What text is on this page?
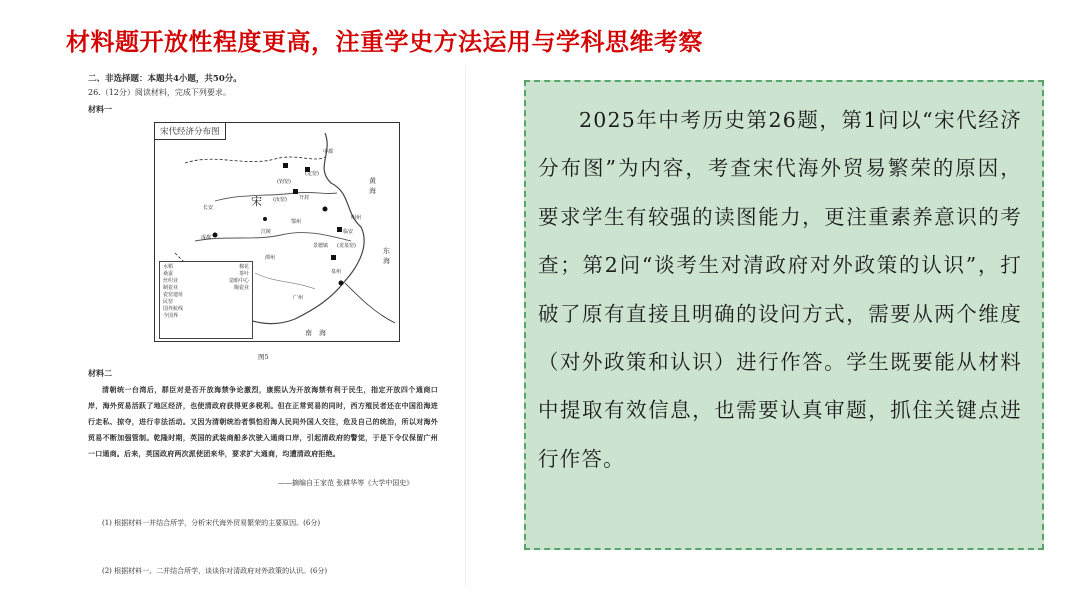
材料题开放性程度更高，注重学史方法运用与学科思维考察
二、非选择题：本题共4小题，共50分。
26.（12分）阅读材料，完成下列要求。
材料一
黄
海
东
海
南　海
宋
(定窑)
(钧窑)
(汝窑) 开封
长安
成都
鄂州
江陵	临安
景德镇
泉州
广州
明州
潭州
中都
(龙泉窑)
宋代经济分布图
水稻	棉花
桑蚕	茶叶
丝织业	造船中心
制瓷业	陶瓷业
瓷窑遗址
民窑
国外航线
今国界
图5
材料二
清朝统一台湾后，群臣对是否开放海禁争论激烈，康熙认为开放海禁有利于民生，指定开放四个通商口岸，海外贸易活跃了地区经济，也使清政府获得更多税利。但在正常贸易的同时，西方殖民者还在中国沿海进行走私、掠夺，进行非法活动。又因为清朝统治者惧怕沿海人民同外国人交往，危及自己的统治，所以对海外贸易不断加强管制。乾隆时期，英国的武装商船多次驶入通商口岸，引起清政府的警觉，于是下令仅保留广州一口通商。后来，英国政府两次派使团来华，要求扩大通商，均遭清政府拒绝。
——摘编自王家范 张耕华等《大学中国史》
(1) 根据材料一并结合所学，分析宋代海外贸易繁荣的主要原因。(6分)
(2) 根据材料一、二并结合所学，谈谈你对清政府对外政策的认识。(6分)

2025年中考历史第26题，第1问以“宋代经济分布图”为内容，考查宋代海外贸易繁荣的原因，要求学生有较强的读图能力，更注重素养意识的考查；第2问“谈考生对清政府对外政策的认识”，打破了原有直接且明确的设问方式，需要从两个维度（对外政策和认识）进行作答。学生既要能从材料中提取有效信息，也需要认真审题，抓住关键点进行作答。
